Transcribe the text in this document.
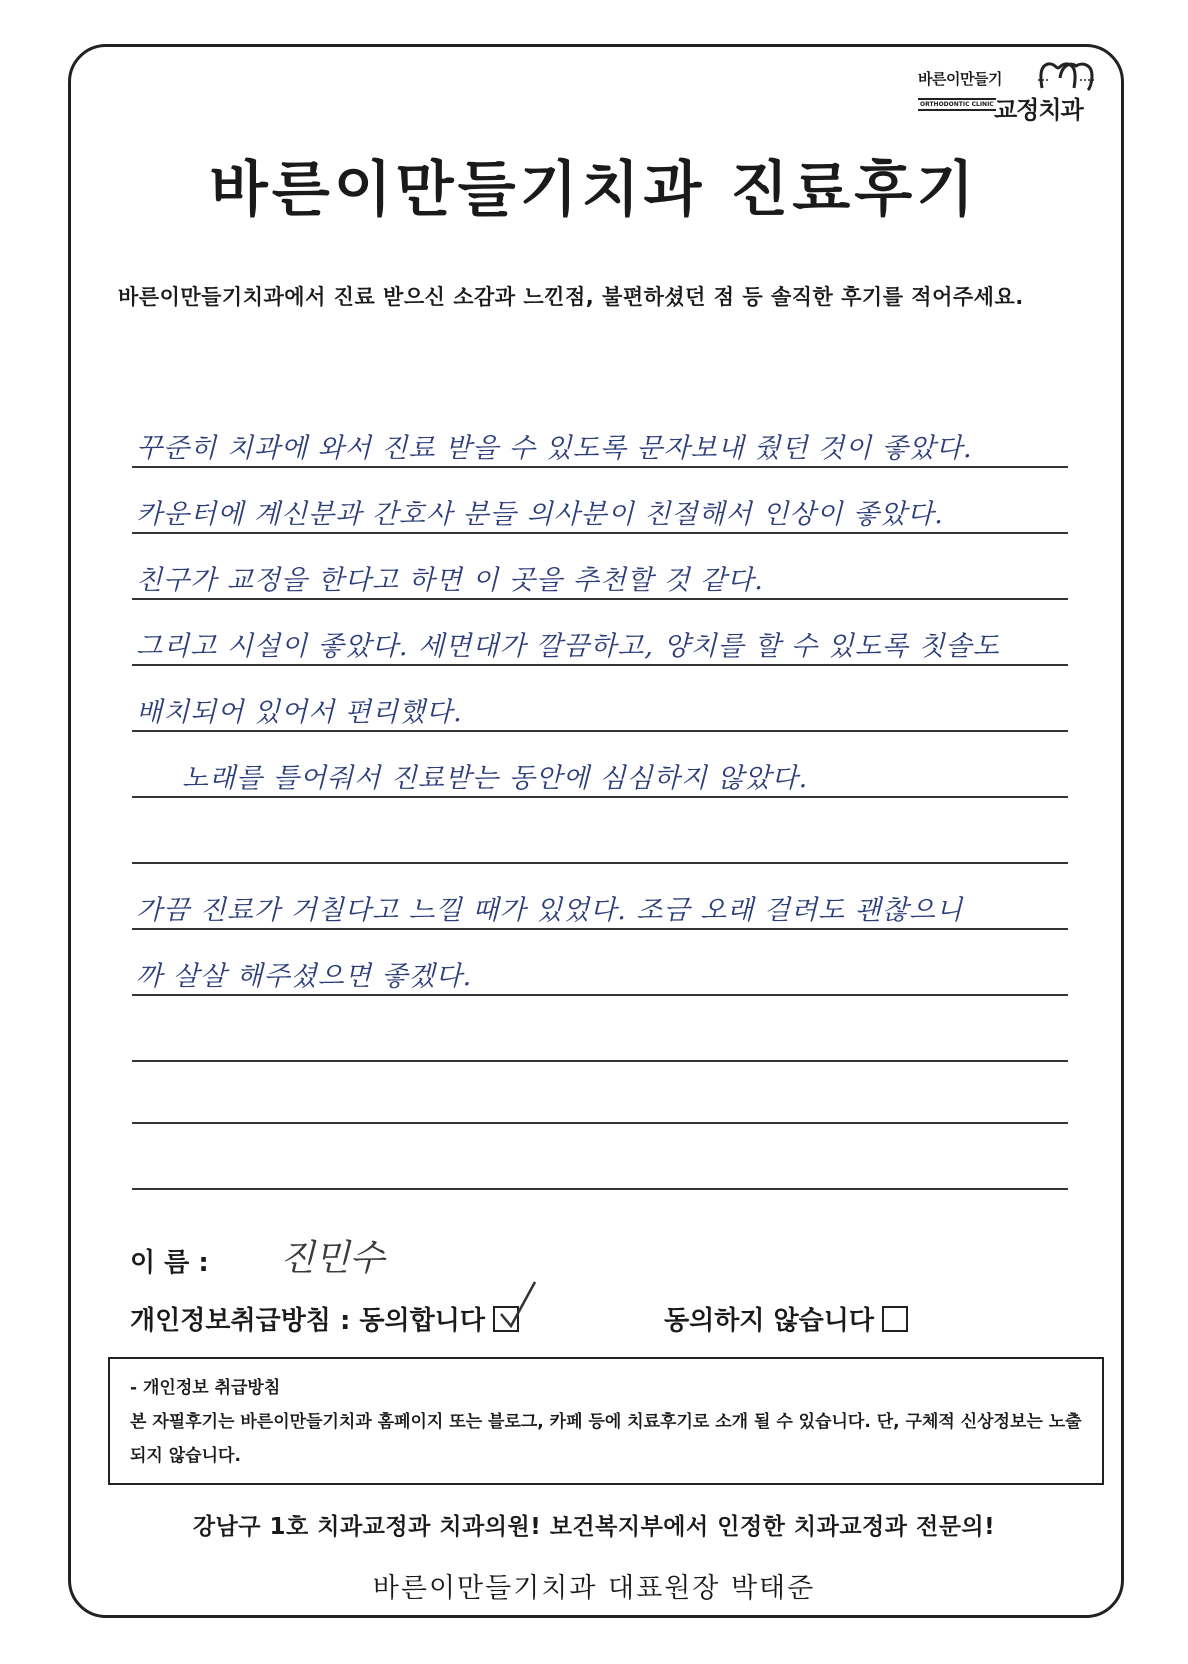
바른이만들기
ORTHODONTIC CLINIC 교정치과
바른이만들기치과 진료후기
바른이만들기치과에서 진료 받으신 소감과 느낀점, 불편하셨던 점 등 솔직한 후기를 적어주세요.
꾸준히 치과에 와서 진료 받을 수 있도록 문자보내 줬던 것이 좋았다.
카운터에 계신분과 간호사 분들 의사분이 친절해서 인상이 좋았다.
친구가 교정을 한다고 하면 이 곳을 추천할 것 같다.
그리고 시설이 좋았다. 세면대가 깔끔하고, 양치를 할 수 있도록 칫솔도
배치되어 있어서 편리했다.
노래를 틀어줘서 진료받는 동안에 심심하지 않았다.
가끔 진료가 거칠다고 느낄 때가 있었다. 조금 오래 걸려도 괜찮으니
까 살살 해주셨으면 좋겠다.
이 름 : 진민수
개인정보취급방침 : 동의합니다	동의하지 않습니다
- 개인정보 취급방침
본 자필후기는 바른이만들기치과 홈페이지 또는 블로그, 카페 등에 치료후기로 소개 될 수 있습니다. 단, 구체적 신상정보는 노출되지 않습니다.
강남구 1호 치과교정과 치과의원! 보건복지부에서 인정한 치과교정과 전문의!
바른이만들기치과 대표원장 박태준
